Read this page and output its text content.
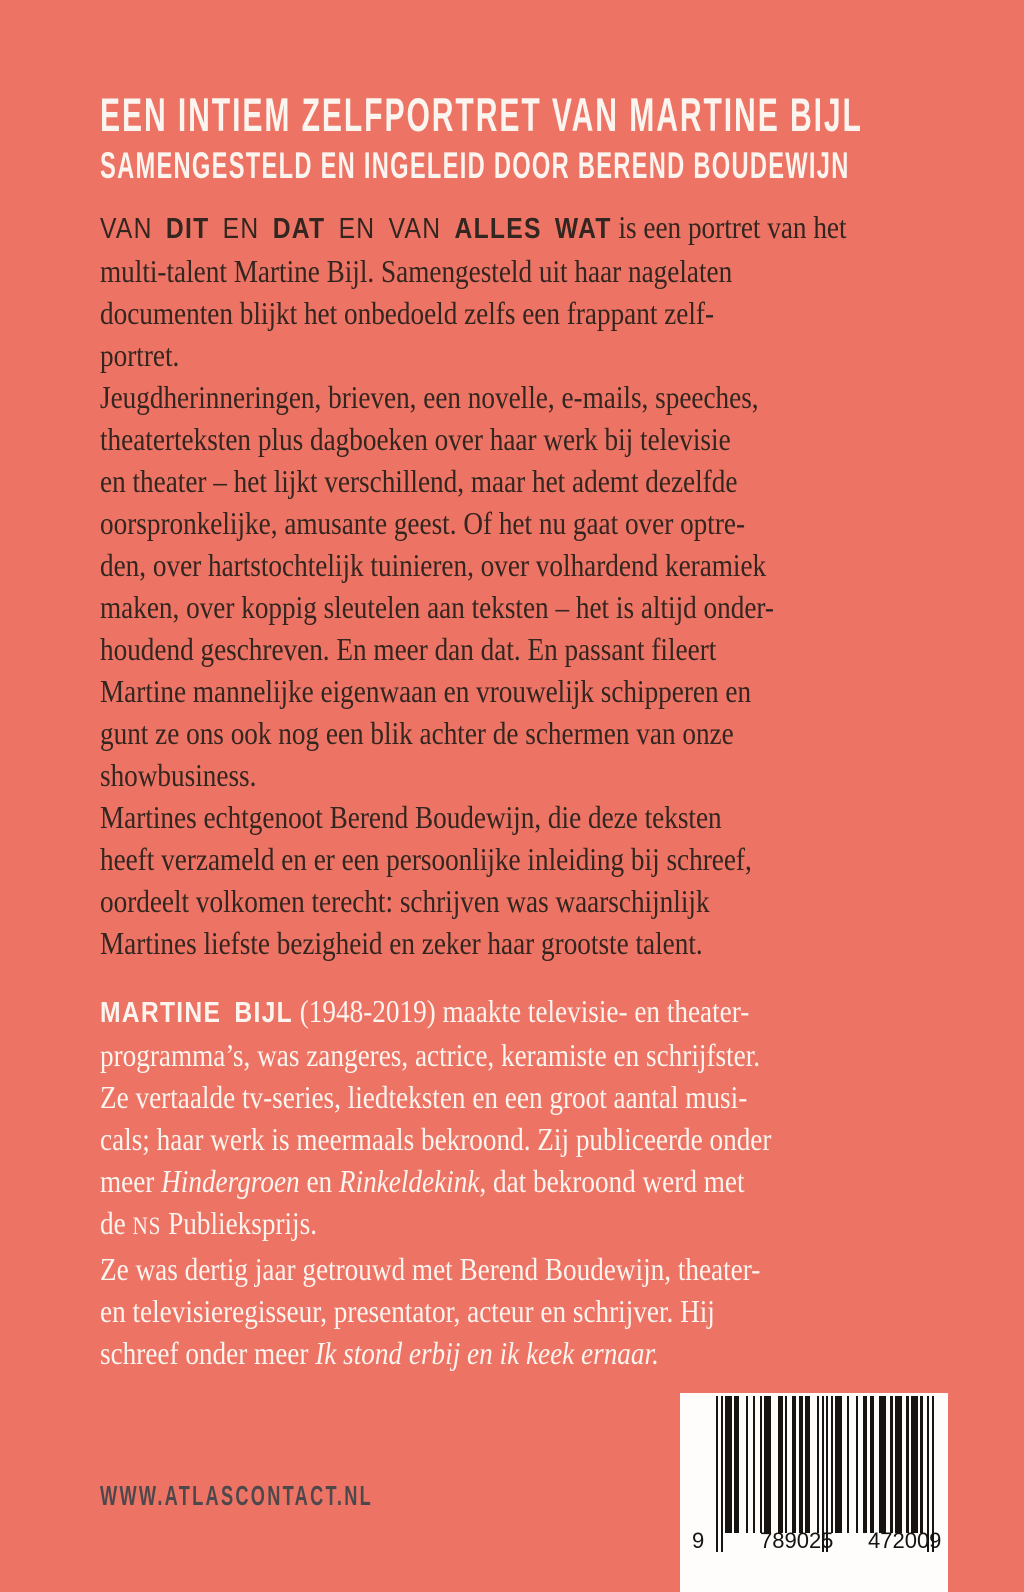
EEN INTIEM ZELFPORTRET VAN MARTINE BIJL
SAMENGESTELD EN INGELEID DOOR BEREND BOUDEWIJN
VAN DIT EN DAT EN VAN ALLES WAT is een portret van het
multi-talent Martine Bijl. Samengesteld uit haar nagelaten
documenten blijkt het onbedoeld zelfs een frappant zelf-
portret.
Jeugdherinneringen, brieven, een novelle, e-mails, speeches,
theaterteksten plus dagboeken over haar werk bij televisie
en theater – het lijkt verschillend, maar het ademt dezelfde
oorspronkelijke, amusante geest. Of het nu gaat over optre-
den, over hartstochtelijk tuinieren, over volhardend keramiek
maken, over koppig sleutelen aan teksten – het is altijd onder-
houdend geschreven. En meer dan dat. En passant fileert
Martine mannelijke eigenwaan en vrouwelijk schipperen en
gunt ze ons ook nog een blik achter de schermen van onze
showbusiness.
Martines echtgenoot Berend Boudewijn, die deze teksten
heeft verzameld en er een persoonlijke inleiding bij schreef,
oordeelt volkomen terecht: schrijven was waarschijnlijk
Martines liefste bezigheid en zeker haar grootste talent.
MARTINE BIJL (1948-2019) maakte televisie- en theater-
programma’s, was zangeres, actrice, keramiste en schrijfster.
Ze vertaalde tv-series, liedteksten en een groot aantal musi-
cals; haar werk is meermaals bekroond. Zij publiceerde onder
meer Hindergroen en Rinkeldekink, dat bekroond werd met
de NS Publieksprijs.
Ze was dertig jaar getrouwd met Berend Boudewijn, theater-
en televisieregisseur, presentator, acteur en schrijver. Hij
schreef onder meer Ik stond erbij en ik keek ernaar.
WWW.ATLASCONTACT.NL
9	789025	472009
